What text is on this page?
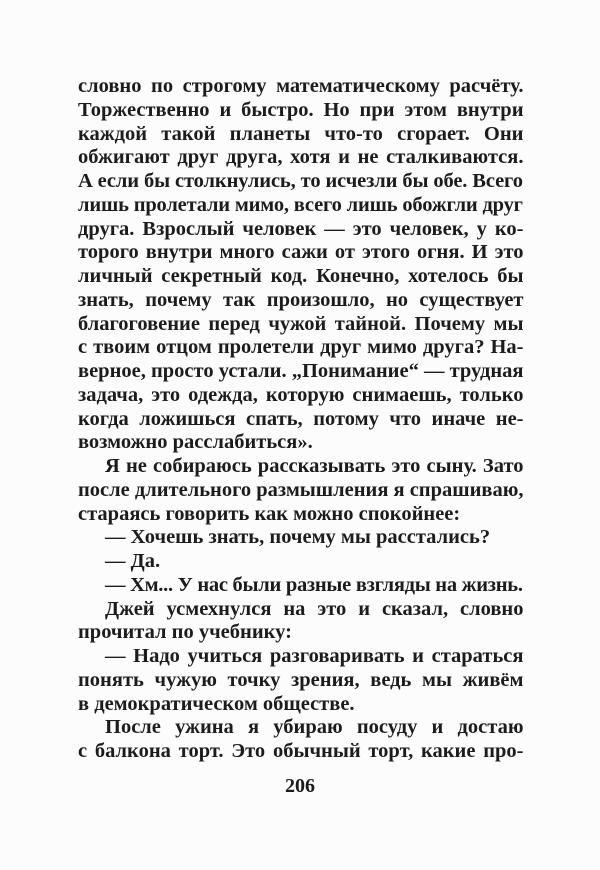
словно по строгому математическому расчёту.
Торжественно и быстро. Но при этом внутри
каждой такой планеты что-то сгорает. Они
обжигают друг друга, хотя и не сталкиваются.
А если бы столкнулись, то исчезли бы обе. Всего
лишь пролетали мимо, всего лишь обожгли друг
друга. Взрослый человек — это человек, у ко-
торого внутри много сажи от этого огня. И это
личный секретный код. Конечно, хотелось бы
знать, почему так произошло, но существует
благоговение перед чужой тайной. Почему мы
с твоим отцом пролетели друг мимо друга? На-
верное, просто устали. „Понимание“ — трудная
задача, это одежда, которую снимаешь, только
когда ложишься спать, потому что иначе не-
возможно расслабиться».
Я не собираюсь рассказывать это сыну. Зато
после длительного размышления я спрашиваю,
стараясь говорить как можно спокойнее:
— Хочешь знать, почему мы расстались?
— Да.
— Хм... У нас были разные взгляды на жизнь.
Джей усмехнулся на это и сказал, словно
прочитал по учебнику:
— Надо учиться разговаривать и стараться
понять чужую точку зрения, ведь мы живём
в демократическом обществе.
После ужина я убираю посуду и достаю
с балкона торт. Это обычный торт, какие про-
206
